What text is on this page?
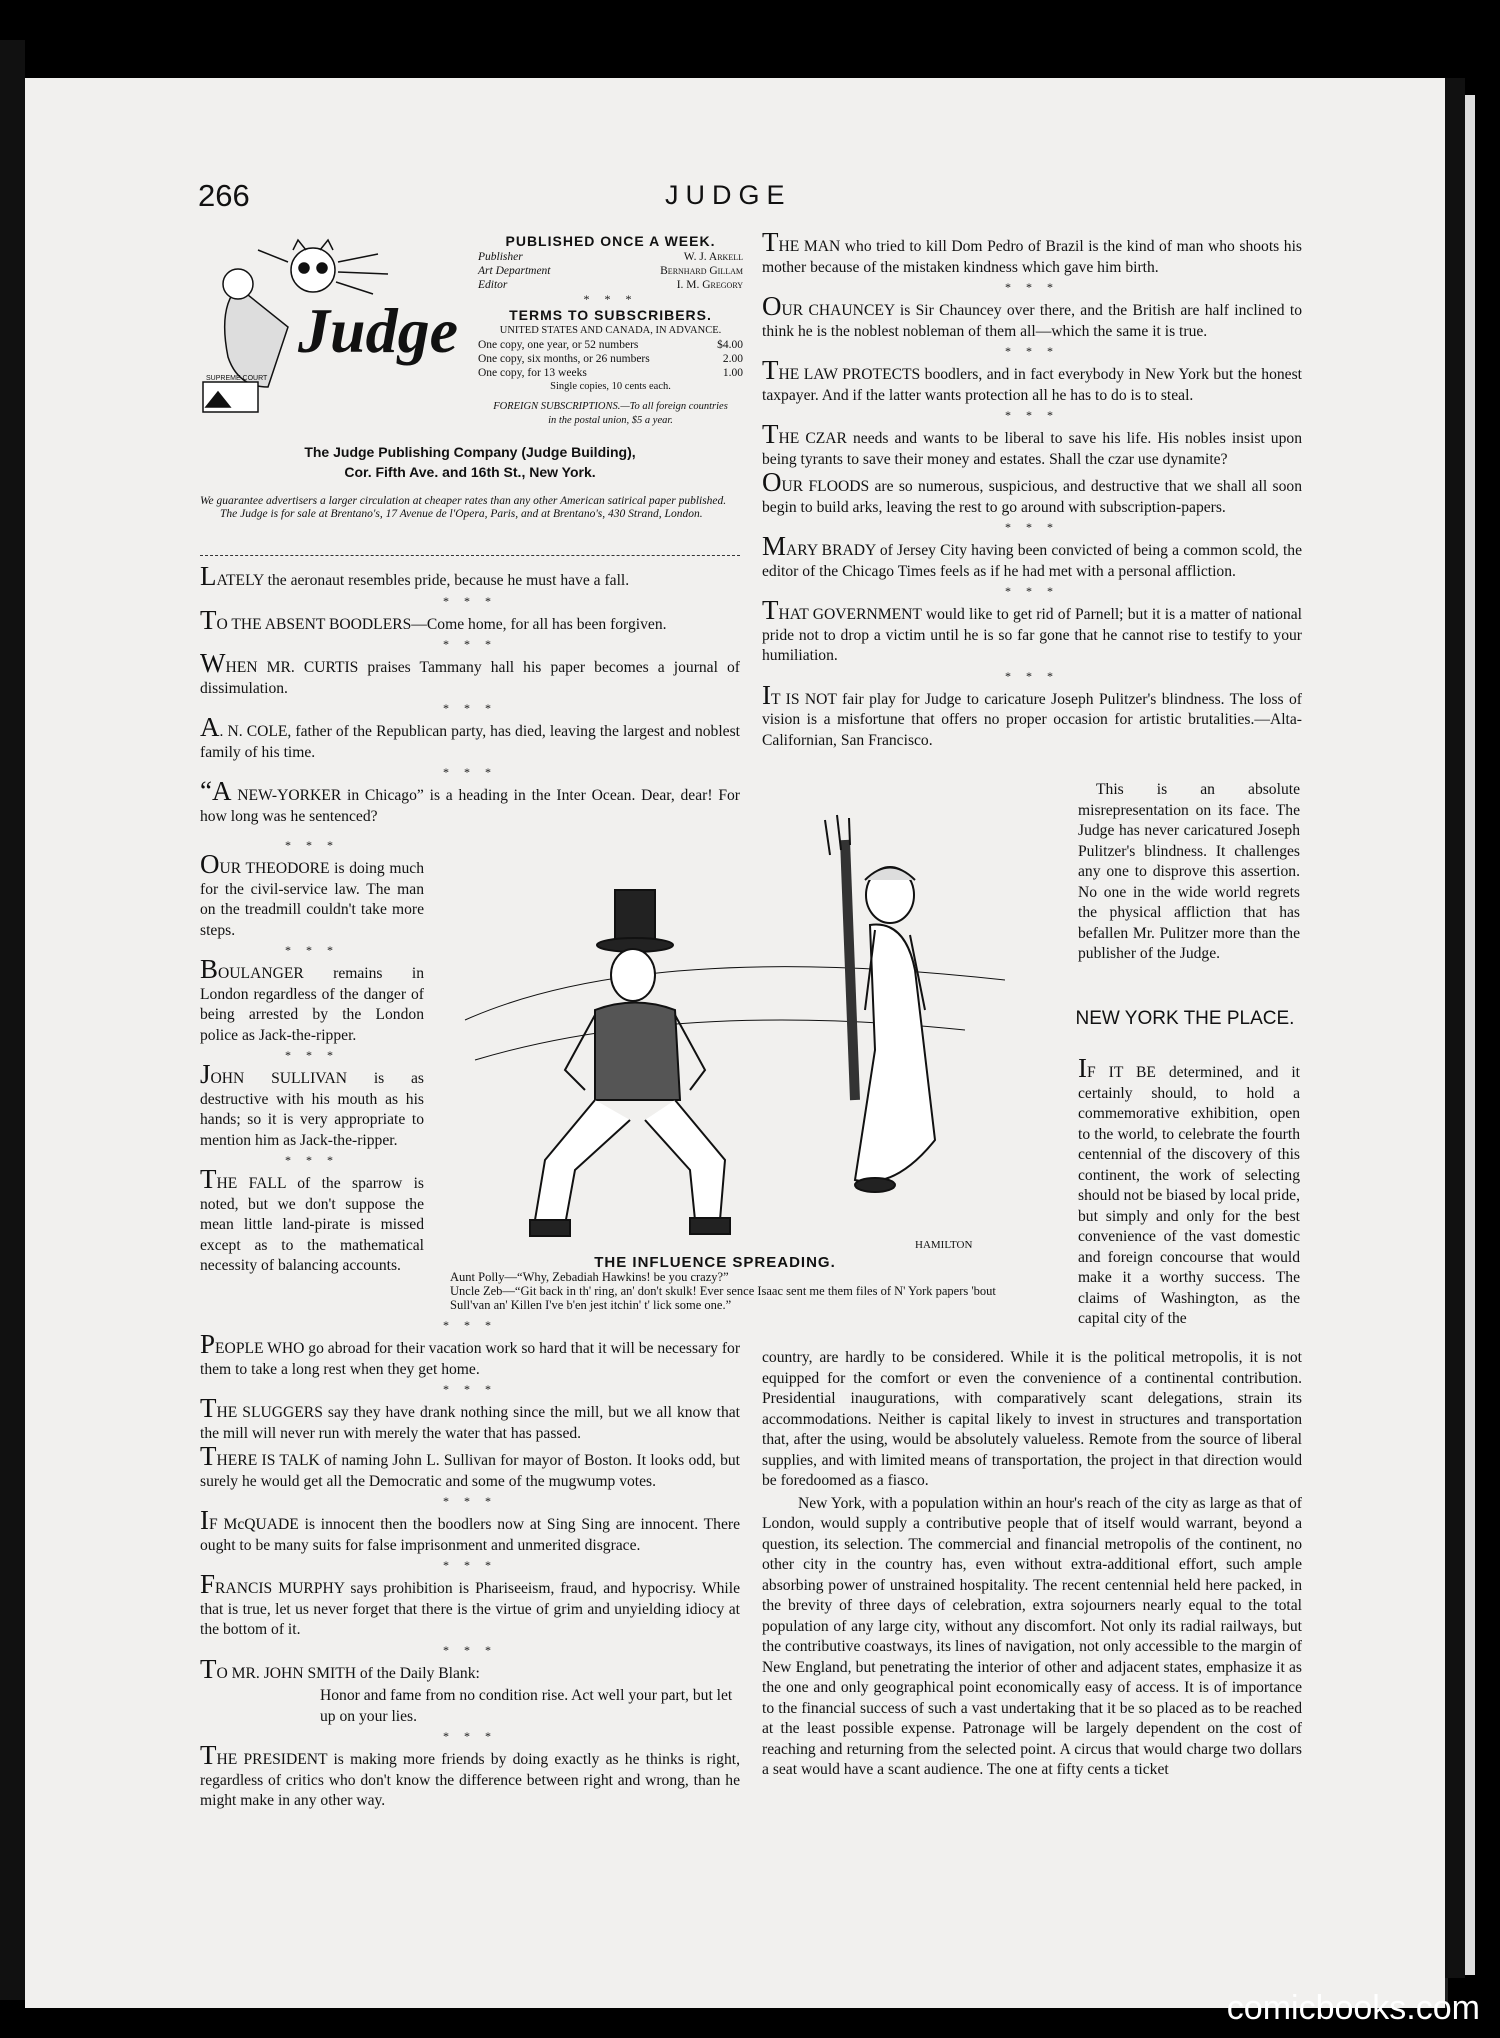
266	JUDGE
Judge
SUPREME COURT
PUBLISHED ONCE A WEEK.
Publisher	W. J. Arkell
Art Department	Bernhard Gillam
Editor	I. M. Gregory
* * *
TERMS TO SUBSCRIBERS.
UNITED STATES AND CANADA, IN ADVANCE.
One copy, one year, or 52 numbers	$4.00
One copy, six months, or 26 numbers	2.00
One copy, for 13 weeks	1.00
Single copies, 10 cents each.
FOREIGN SUBSCRIPTIONS.—To all foreign countries in the postal union, $5 a year.
The Judge Publishing Company (Judge Building),
Cor. Fifth Ave. and 16th St., New York.
We guarantee advertisers a larger circulation at cheaper rates than any other American satirical paper published.
The Judge is for sale at Brentano's, 17 Avenue de l'Opera, Paris, and at Brentano's, 430 Strand, London.

LATELY the aeronaut resembles pride, because he must have a fall.

* * *

TO THE ABSENT BOODLERS—Come home, for all has been forgiven.

* * *

WHEN MR. CURTIS praises Tammany hall his paper becomes a journal of dissimulation.

* * *

A. N. COLE, father of the Republican party, has died, leaving the largest and noblest family of his time.

* * *

“A NEW-YORKER in Chicago” is a heading in the Inter Ocean. Dear, dear! For how long was he sentenced?

* * *

OUR THEODORE is doing much for the civil-service law. The man on the treadmill couldn't take more steps.

* * *

BOULANGER remains in London regardless of the danger of being arrested by the London police as Jack-the-ripper.

* * *

JOHN SULLIVAN is as destructive with his mouth as his hands; so it is very appropriate to mention him as Jack-the-ripper.

* * *

THE FALL of the sparrow is noted, but we don't suppose the mean little land-pirate is missed except as to the mathematical necessity of balancing accounts.

* * *

PEOPLE WHO go abroad for their vacation work so hard that it will be necessary for them to take a long rest when they get home.

* * *

THE SLUGGERS say they have drank nothing since the mill, but we all know that the mill will never run with merely the water that has passed.

THERE IS TALK of naming John L. Sullivan for mayor of Boston. It looks odd, but surely he would get all the Democratic and some of the mugwump votes.

* * *

IF McQUADE is innocent then the boodlers now at Sing Sing are innocent. There ought to be many suits for false imprisonment and unmerited disgrace.

* * *

FRANCIS MURPHY says prohibition is Phariseeism, fraud, and hypocrisy. While that is true, let us never forget that there is the virtue of grim and unyielding idiocy at the bottom of it.

* * *

TO MR. JOHN SMITH of the Daily Blank:

Honor and fame from no condition rise. Act well your part, but let up on your lies.

* * *

THE PRESIDENT is making more friends by doing exactly as he thinks is right, regardless of critics who don't know the difference between right and wrong, than he might make in any other way.

THE MAN who tried to kill Dom Pedro of Brazil is the kind of man who shoots his mother because of the mistaken kindness which gave him birth.

* * *

OUR CHAUNCEY is Sir Chauncey over there, and the British are half inclined to think he is the noblest nobleman of them all—which the same it is true.

* * *

THE LAW PROTECTS boodlers, and in fact everybody in New York but the honest taxpayer. And if the latter wants protection all he has to do is to steal.

* * *

THE CZAR needs and wants to be liberal to save his life. His nobles insist upon being tyrants to save their money and estates. Shall the czar use dynamite?

OUR FLOODS are so numerous, suspicious, and destructive that we shall all soon begin to build arks, leaving the rest to go around with subscription-papers.

* * *

MARY BRADY of Jersey City having been convicted of being a common scold, the editor of the Chicago Times feels as if he had met with a personal affliction.

* * *

THAT GOVERNMENT would like to get rid of Parnell; but it is a matter of national pride not to drop a victim until he is so far gone that he cannot rise to testify to your humiliation.

* * *

IT IS NOT fair play for Judge to caricature Joseph Pulitzer's blindness. The loss of vision is a misfortune that offers no proper occasion for artistic brutalities.—Alta-Californian, San Francisco.

This is an absolute misrepresentation on its face. The Judge has never caricatured Joseph Pulitzer's blindness. It challenges any one to disprove this assertion. No one in the wide world regrets the physical affliction that has befallen Mr. Pulitzer more than the publisher of the Judge.

NEW YORK THE PLACE.

IF IT BE determined, and it certainly should, to hold a commemorative exhibition, open to the world, to celebrate the fourth centennial of the discovery of this continent, the work of selecting should not be biased by local pride, but simply and only for the best convenience of the vast domestic and foreign concourse that would make it a worthy success. The claims of Washington, as the capital city of the

country, are hardly to be considered. While it is the political metropolis, it is not equipped for the comfort or even the convenience of a continental contribution. Presidential inaugurations, with comparatively scant delegations, strain its accommodations. Neither is capital likely to invest in structures and transportation that, after the using, would be absolutely valueless. Remote from the source of liberal supplies, and with limited means of transportation, the project in that direction would be foredoomed as a fiasco.

New York, with a population within an hour's reach of the city as large as that of London, would supply a contributive people that of itself would warrant, beyond a question, its selection. The commercial and financial metropolis of the continent, no other city in the country has, even without extra-additional effort, such ample absorbing power of unstrained hospitality. The recent centennial held here packed, in the brevity of three days of celebration, extra sojourners nearly equal to the total population of any large city, without any discomfort. Not only its radial railways, but the contributive coastways, its lines of navigation, not only accessible to the margin of New England, but penetrating the interior of other and adjacent states, emphasize it as the one and only geographical point economically easy of access. It is of importance to the financial success of such a vast undertaking that it be so placed as to be reached at the least possible expense. Patronage will be largely dependent on the cost of reaching and returning from the selected point. A circus that would charge two dollars a seat would have a scant audience. The one at fifty cents a ticket

HAMILTON
THE INFLUENCE SPREADING.
Aunt Polly—“Why, Zebadiah Hawkins! be you crazy?”
Uncle Zeb—“Git back in th' ring, an' don't skulk! Ever sence Isaac sent me them files of N' York papers 'bout Sull'van an' Killen I've b'en jest itchin' t' lick some one.”
comicbooks.com
